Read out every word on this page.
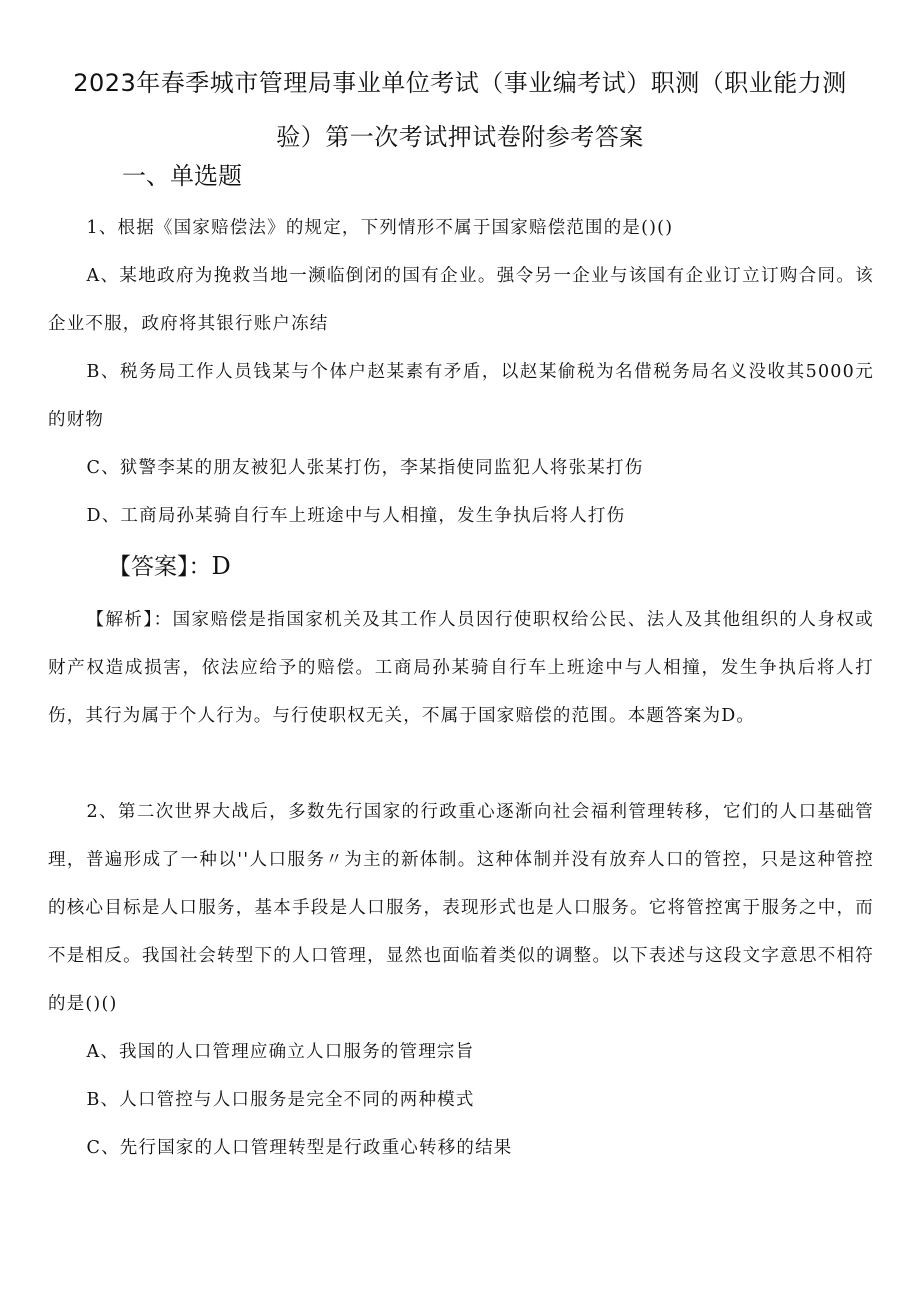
2023年春季城市管理局事业单位考试（事业编考试）职测（职业能力测验）第一次考试押试卷附参考答案
一、单选题

1、根据《国家赔偿法》的规定，下列情形不属于国家赔偿范围的是()()

A、某地政府为挽救当地一濒临倒闭的国有企业。强令另一企业与该国有企业订立订购合同。该企业不服，政府将其银行账户冻结

B、税务局工作人员钱某与个体户赵某素有矛盾，以赵某偷税为名借税务局名义没收其5000元的财物

C、狱警李某的朋友被犯人张某打伤，李某指使同监犯人将张某打伤

D、工商局孙某骑自行车上班途中与人相撞，发生争执后将人打伤

【答案】：D

【解析】：国家赔偿是指国家机关及其工作人员因行使职权给公民、法人及其他组织的人身权或财产权造成损害，依法应给予的赔偿。工商局孙某骑自行车上班途中与人相撞，发生争执后将人打伤，其行为属于个人行为。与行使职权无关，不属于国家赔偿的范围。本题答案为D。

2、第二次世界大战后，多数先行国家的行政重心逐渐向社会福利管理转移，它们的人口基础管理，普遍形成了一种以''人口服务〃为主的新体制。这种体制并没有放弃人口的管控，只是这种管控的核心目标是人口服务，基本手段是人口服务，表现形式也是人口服务。它将管控寓于服务之中，而不是相反。我国社会转型下的人口管理，显然也面临着类似的调整。以下表述与这段文字意思不相符的是()()

A、我国的人口管理应确立人口服务的管理宗旨

B、人口管控与人口服务是完全不同的两种模式

C、先行国家的人口管理转型是行政重心转移的结果
